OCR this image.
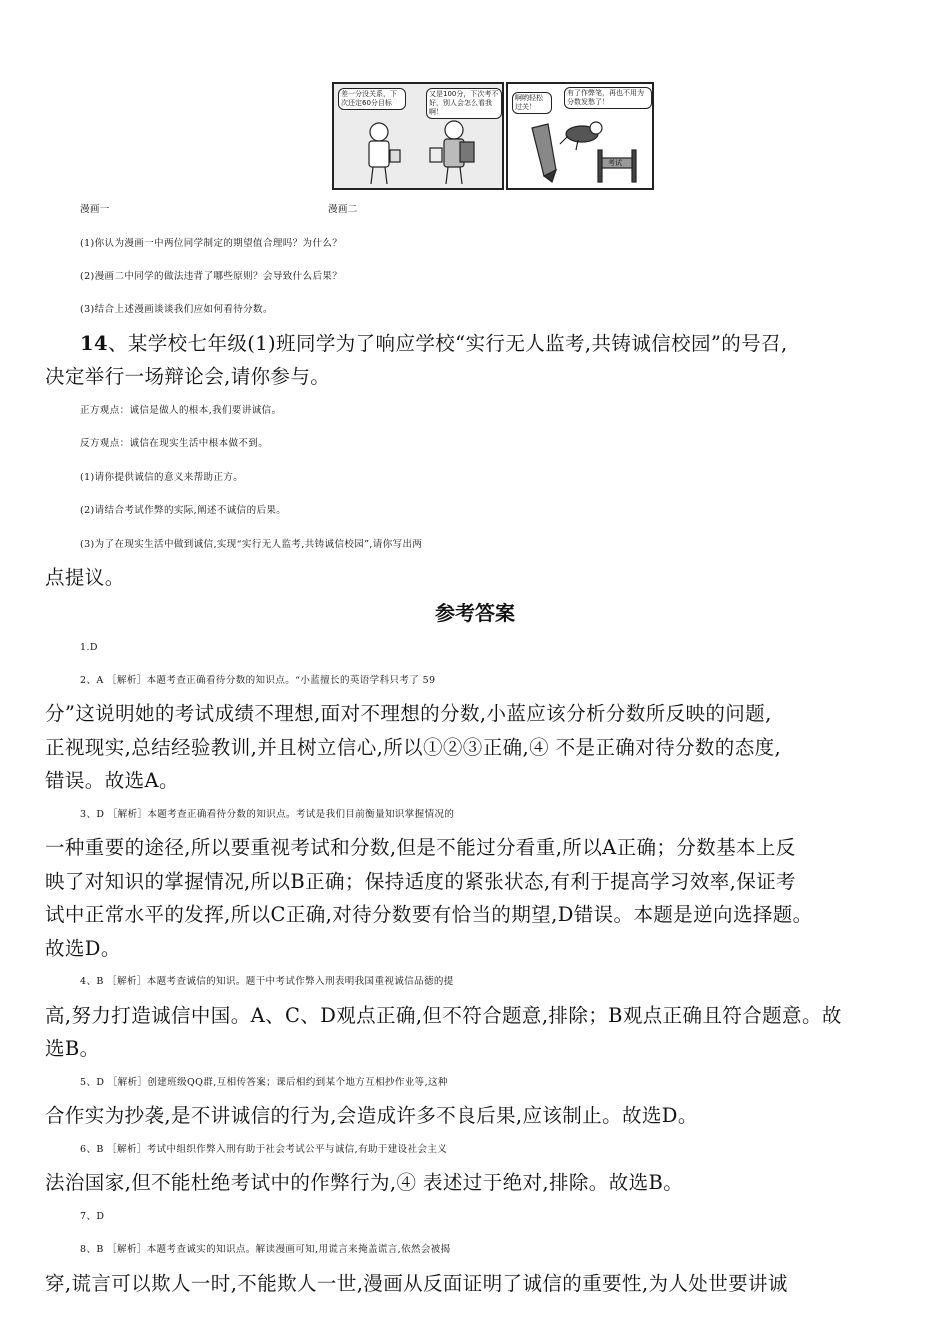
差一分没关系，下次还定60分目标
又是100分，下次考不好，别人会怎么看我啊！
啊哟轻松过关！
有了作弊笔，再也不用为分数发愁了！
考试
漫画一	漫画二
(1)你认为漫画一中两位同学制定的期望值合理吗？为什么？
(2)漫画二中同学的做法违背了哪些原则？会导致什么后果？
(3)结合上述漫画谈谈我们应如何看待分数。
14、某学校七年级(1)班同学为了响应学校“实行无人监考,共铸诚信校园”的号召,
决定举行一场辩论会,请你参与。
正方观点：诚信是做人的根本,我们要讲诚信。
反方观点：诚信在现实生活中根本做不到。
(1)请你提供诚信的意义来帮助正方。
(2)请结合考试作弊的实际,阐述不诚信的后果。
(3)为了在现实生活中做到诚信,实现“实行无人监考,共铸诚信校园”,请你写出两
点提议。
参考答案
1.D
2、A ［解析］本题考查正确看待分数的知识点。“小蓝擅长的英语学科只考了 59
分”这说明她的考试成绩不理想,面对不理想的分数,小蓝应该分析分数所反映的问题,
正视现实,总结经验教训,并且树立信心,所以①②③正确,④ 不是正确对待分数的态度,
错误。故选A。
3、D ［解析］本题考查正确看待分数的知识点。考试是我们目前衡量知识掌握情况的
一种重要的途径,所以要重视考试和分数,但是不能过分看重,所以A正确；分数基本上反
映了对知识的掌握情况,所以B正确；保持适度的紧张状态,有利于提高学习效率,保证考
试中正常水平的发挥,所以C正确,对待分数要有恰当的期望,D错误。本题是逆向选择题。
故选D。
4、B ［解析］本题考查诚信的知识。题干中考试作弊入刑表明我国重视诚信品德的提
高,努力打造诚信中国。A、C、D观点正确,但不符合题意,排除；B观点正确且符合题意。故
选B。
5、D ［解析］创建班级QQ群,互相传答案；课后相约到某个地方互相抄作业等,这种
合作实为抄袭,是不讲诚信的行为,会造成许多不良后果,应该制止。故选D。
6、B ［解析］考试中组织作弊入刑有助于社会考试公平与诚信,有助于建设社会主义
法治国家,但不能杜绝考试中的作弊行为,④ 表述过于绝对,排除。故选B。
7、D
8、B ［解析］本题考查诚实的知识点。解读漫画可知,用谎言来掩盖谎言,依然会被揭
穿,谎言可以欺人一时,不能欺人一世,漫画从反面证明了诚信的重要性,为人处世要讲诚
